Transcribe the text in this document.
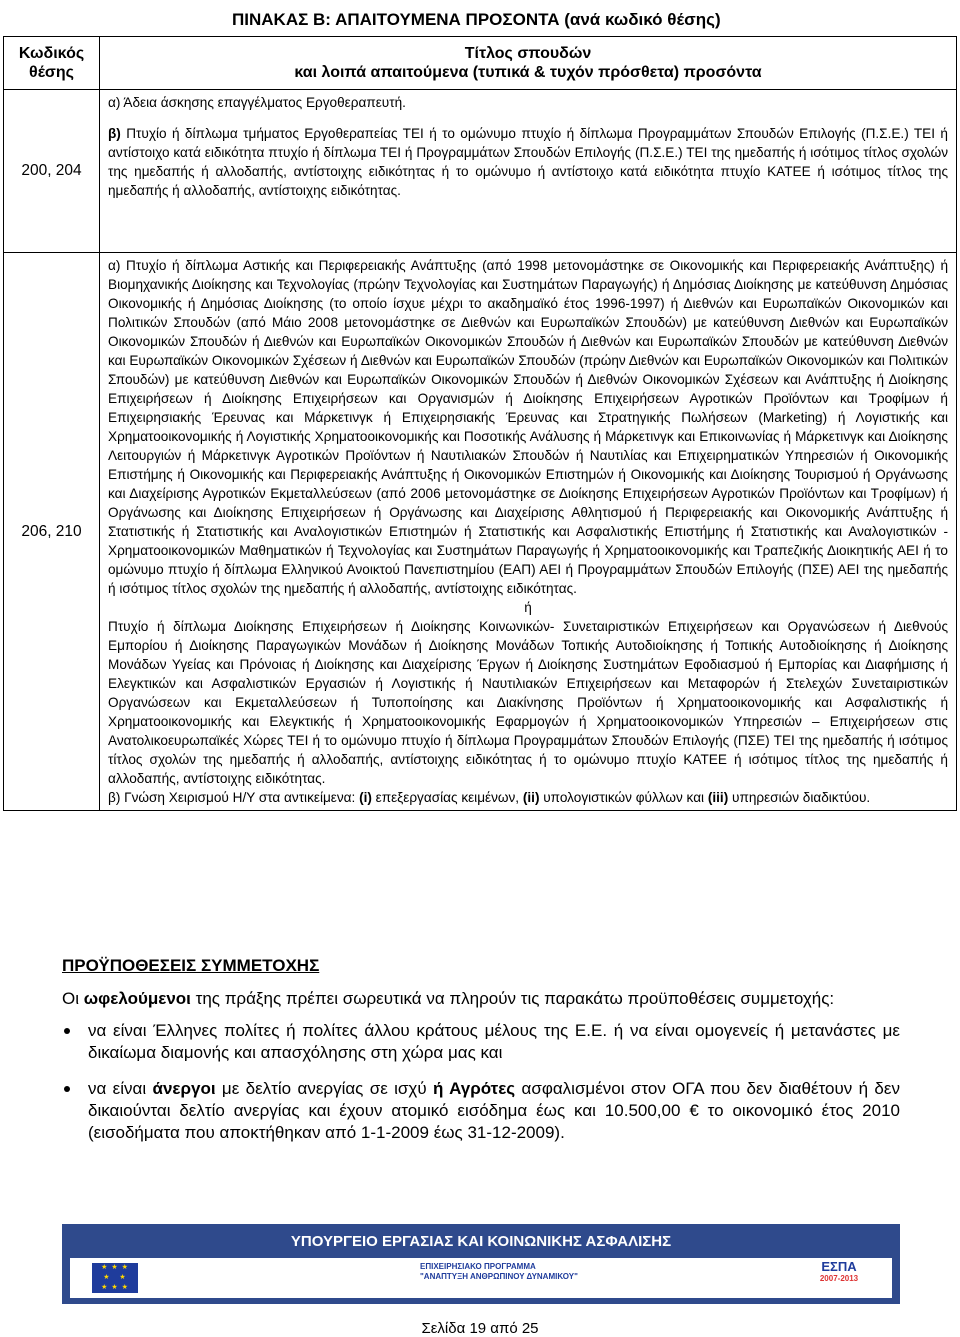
ΠΙΝΑΚΑΣ Β: ΑΠΑΙΤΟΥΜΕΝΑ ΠΡΟΣΟΝΤΑ (ανά κωδικό θέσης)
Κωδικός
θέσης	Τίτλος σπουδών
και λοιπά απαιτούμενα (τυπικά & τυχόν πρόσθετα) προσόντα
200, 204	α) Άδεια άσκησης επαγγέλματος Εργοθεραπευτή.

β) Πτυχίο ή δίπλωμα τμήματος Εργοθεραπείας ΤΕΙ ή το ομώνυμο πτυχίο ή δίπλωμα Προγραμμάτων Σπουδών Επιλογής (Π.Σ.Ε.) ΤΕΙ ή αντίστοιχο κατά ειδικότητα πτυχίο ή δίπλωμα ΤΕΙ ή Προγραμμάτων Σπουδών Επιλογής (Π.Σ.Ε.) ΤΕΙ της ημεδαπής ή ισότιμος τίτλος σχολών της ημεδαπής ή αλλοδαπής, αντίστοιχης ειδικότητας ή το ομώνυμο ή αντίστοιχο κατά ειδικότητα πτυχίο ΚΑΤΕΕ ή ισότιμος τίτλος της ημεδαπής ή αλλοδαπής, αντίστοιχης ειδικότητας.

206, 210	α) Πτυχίο ή δίπλωμα Αστικής και Περιφερειακής Ανάπτυξης (από 1998 μετονομάστηκε σε Οικονομικής και Περιφερειακής Ανάπτυξης) ή Βιομηχανικής Διοίκησης και Τεχνολογίας (πρώην Τεχνολογίας και Συστημάτων Παραγωγής) ή Δημόσιας Διοίκησης με κατεύθυνση Δημόσιας Οικονομικής ή Δημόσιας Διοίκησης (το οποίο ίσχυε μέχρι το ακαδημαϊκό έτος 1996-1997) ή Διεθνών και Ευρωπαϊκών Οικονομικών και Πολιτικών Σπουδών (από Μάιο 2008 μετονομάστηκε σε Διεθνών και Ευρωπαϊκών Σπουδών) με κατεύθυνση Διεθνών και Ευρωπαϊκών Οικονομικών Σπουδών ή Διεθνών και Ευρωπαϊκών Οικονομικών Σπουδών ή Διεθνών και Ευρωπαϊκών Σπουδών με κατεύθυνση Διεθνών και Ευρωπαϊκών Οικονομικών Σχέσεων ή Διεθνών και Ευρωπαϊκών Σπουδών (πρώην Διεθνών και Ευρωπαϊκών Οικονομικών και Πολιτικών Σπουδών) με κατεύθυνση Διεθνών και Ευρωπαϊκών Οικονομικών Σπουδών ή Διεθνών Οικονομικών Σχέσεων και Ανάπτυξης ή Διοίκησης Επιχειρήσεων ή Διοίκησης Επιχειρήσεων και Οργανισμών ή Διοίκησης Επιχειρήσεων Αγροτικών Προϊόντων και Τροφίμων ή Επιχειρησιακής Έρευνας και Μάρκετινγκ ή Επιχειρησιακής Έρευνας και Στρατηγικής Πωλήσεων (Marketing) ή Λογιστικής και Χρηματοοικονομικής ή Λογιστικής Χρηματοοικονομικής και Ποσοτικής Ανάλυσης ή Μάρκετινγκ και Επικοινωνίας ή Μάρκετινγκ και Διοίκησης Λειτουργιών ή Μάρκετινγκ Αγροτικών Προϊόντων ή Ναυτιλιακών Σπουδών ή Ναυτιλίας και Επιχειρηματικών Υπηρεσιών ή Οικονομικής Επιστήμης ή Οικονομικής και Περιφερειακής Ανάπτυξης ή Οικονομικών Επιστημών ή Οικονομικής και Διοίκησης Τουρισμού ή Οργάνωσης και Διαχείρισης Αγροτικών Εκμεταλλεύσεων (από 2006 μετονομάστηκε σε Διοίκησης Επιχειρήσεων Αγροτικών Προϊόντων και Τροφίμων) ή Οργάνωσης και Διοίκησης Επιχειρήσεων ή Οργάνωσης και Διαχείρισης Αθλητισμού ή Περιφερειακής και Οικονομικής Ανάπτυξης ή Στατιστικής ή Στατιστικής και Αναλογιστικών Επιστημών ή Στατιστικής και Ασφαλιστικής Επιστήμης ή Στατιστικής και Αναλογιστικών - Χρηματοοικονομικών Μαθηματικών ή Τεχνολογίας και Συστημάτων Παραγωγής ή Χρηματοοικονομικής και Τραπεζικής Διοικητικής ΑΕΙ ή το ομώνυμο πτυχίο ή δίπλωμα Ελληνικού Ανοικτού Πανεπιστημίου (ΕΑΠ) ΑΕΙ ή Προγραμμάτων Σπουδών Επιλογής (ΠΣΕ) ΑΕΙ της ημεδαπής ή ισότιμος τίτλος σχολών της ημεδαπής ή αλλοδαπής, αντίστοιχης ειδικότητας.

ή

Πτυχίο ή δίπλωμα Διοίκησης Επιχειρήσεων ή Διοίκησης Κοινωνικών- Συνεταιριστικών Επιχειρήσεων και Οργανώσεων ή Διεθνούς Εμπορίου ή Διοίκησης Παραγωγικών Μονάδων ή Διοίκησης Μονάδων Τοπικής Αυτοδιοίκησης ή Τοπικής Αυτοδιοίκησης ή Διοίκησης Μονάδων Υγείας και Πρόνοιας ή Διοίκησης και Διαχείρισης Έργων ή Διοίκησης Συστημάτων Εφοδιασμού ή Εμπορίας και Διαφήμισης ή Ελεγκτικών και Ασφαλιστικών Εργασιών ή Λογιστικής ή Ναυτιλιακών Επιχειρήσεων και Μεταφορών ή Στελεχών Συνεταιριστικών Οργανώσεων και Εκμεταλλεύσεων ή Τυποποίησης και Διακίνησης Προϊόντων ή Χρηματοοικονομικής και Ασφαλιστικής ή Χρηματοοικονομικής και Ελεγκτικής ή Χρηματοοικονομικής Εφαρμογών ή Χρηματοοικονομικών Υπηρεσιών – Επιχειρήσεων στις Ανατολικοευρωπαϊκές Χώρες ΤΕΙ ή το ομώνυμο πτυχίο ή δίπλωμα Προγραμμάτων Σπουδών Επιλογής (ΠΣΕ) ΤΕΙ της ημεδαπής ή ισότιμος τίτλος σχολών της ημεδαπής ή αλλοδαπής, αντίστοιχης ειδικότητας ή το ομώνυμο πτυχίο ΚΑΤΕΕ ή ισότιμος τίτλος της ημεδαπής ή αλλοδαπής, αντίστοιχης ειδικότητας.

β) Γνώση Χειρισμού Η/Υ στα αντικείμενα: (i) επεξεργασίας κειμένων, (ii) υπολογιστικών φύλλων και (iii) υπηρεσιών διαδικτύου.

ΠΡΟΫΠΟΘΕΣΕΙΣ ΣΥΜΜΕΤΟΧΗΣ

Οι ωφελούμενοι της πράξης πρέπει σωρευτικά να πληρούν τις παρακάτω προϋποθέσεις συμμετοχής:

να είναι Έλληνες πολίτες ή πολίτες άλλου κράτους μέλους της Ε.Ε. ή να είναι ομογενείς ή μετανάστες με δικαίωμα διαμονής και απασχόλησης στη χώρα μας και
να είναι άνεργοι με δελτίο ανεργίας σε ισχύ ή Αγρότες ασφαλισμένοι στον ΟΓΑ που δεν διαθέτουν ή δεν δικαιούνται δελτίο ανεργίας και έχουν ατομικό εισόδημα έως και 10.500,00 € το οικονομικό έτος 2010 (εισοδήματα που αποκτήθηκαν από 1-1-2009 έως 31-12-2009).
ΥΠΟΥΡΓΕΙΟ ΕΡΓΑΣΙΑΣ ΚΑΙ ΚΟΙΝΩΝΙΚΗΣ ΑΣΦΑΛΙΣΗΣ
★ ★ ★
★   ★
★ ★ ★
ΕΠΙΧΕΙΡΗΣΙΑΚΟ ΠΡΟΓΡΑΜΜΑ
"ΑΝΑΠΤΥΞΗ ΑΝΘΡΩΠΙΝΟΥ ΔΥΝΑΜΙΚΟΥ"
ΕΣΠΑ
2007-2013
Σελίδα 19 από 25
